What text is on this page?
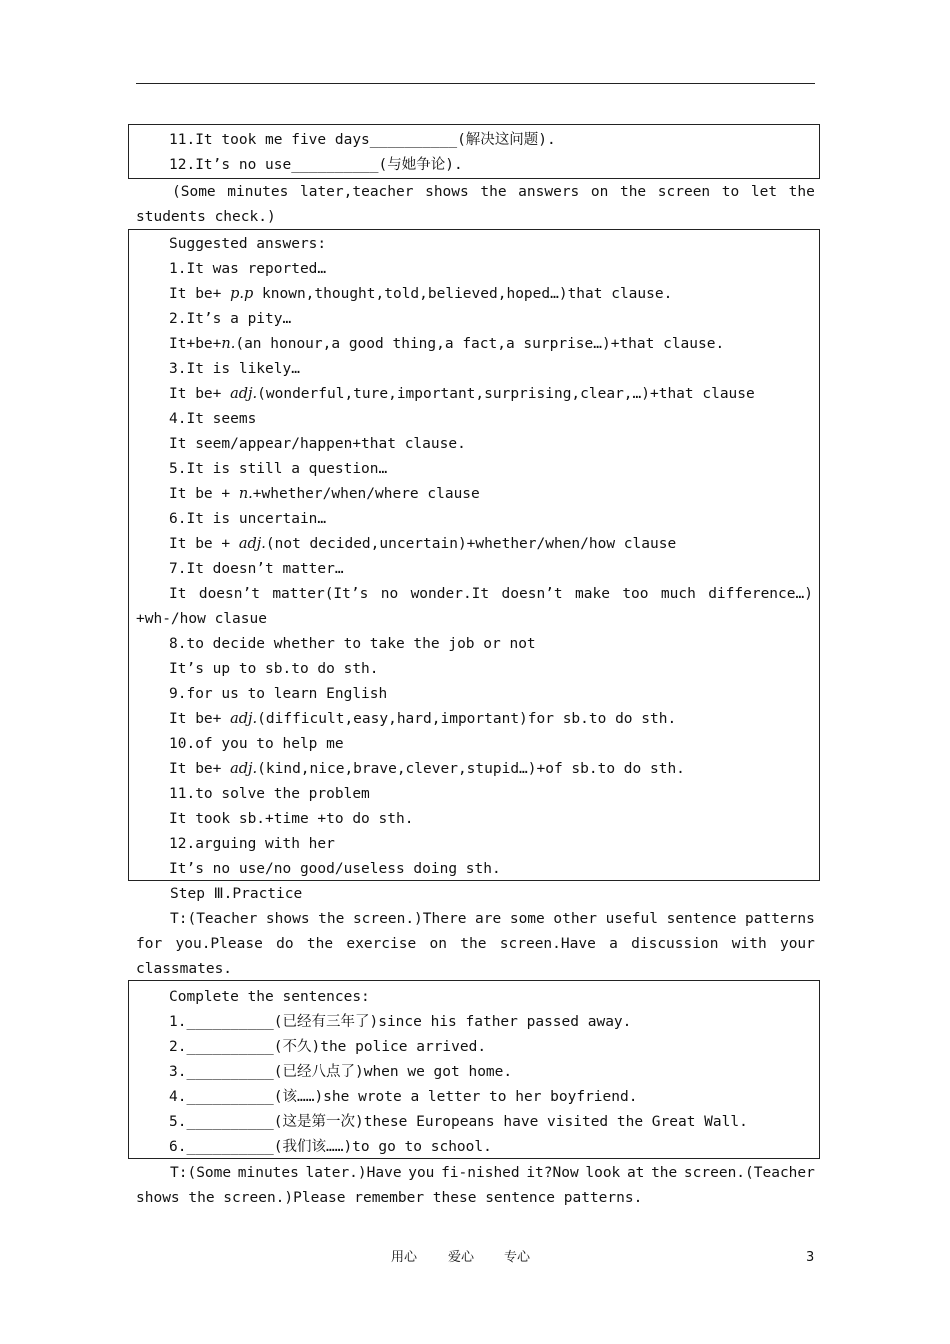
11.It took me five days__________(解决这问题).
12.It’s no use__________(与她争论).
(Some minutes later,teacher shows the answers on the screen to let the
students check.)
Suggested answers:
1.It was reported…
It be+ p.p known,thought,told,believed,hoped…)that clause.
2.It’s a pity…
It+be+n.(an honour,a good thing,a fact,a surprise…)+that clause.
3.It is likely…
It be+ adj.(wonderful,ture,important,surprising,clear,…)+that clause
4.It seems
It seem/appear/happen+that clause.
5.It is still a question…
It be + n.+whether/when/where clause
6.It is uncertain…
It be + adj.(not decided,uncertain)+whether/when/how clause
7.It doesn’t matter…
It doesn’t matter(It’s no wonder.It doesn’t make too much difference…)
+wh-/how clasue
8.to decide whether to take the job or not
It’s up to sb.to do sth.
9.for us to learn English
It be+ adj.(difficult,easy,hard,important)for sb.to do sth.
10.of you to help me
It be+ adj.(kind,nice,brave,clever,stupid…)+of sb.to do sth.
11.to solve the problem
It took sb.+time +to do sth.
12.arguing with her
It’s no use/no good/useless doing sth.
Step Ⅲ.Practice
T:(Teacher shows the screen.)There are some other useful sentence patterns
for you.Please do the exercise on the screen.Have a discussion with your
classmates.
Complete the sentences:
1.__________(已经有三年了)since his father passed away.
2.__________(不久)the police arrived.
3.__________(已经八点了)when we got home.
4.__________(该……)she wrote a letter to her boyfriend.
5.__________(这是第一次)these Europeans have visited the Great Wall.
6.__________(我们该……)to go to school.
T:(Some minutes later.)Have you fi-nished it?Now look at the screen.(Teacher
shows the screen.)Please remember these sentence patterns.
用心 爱心 专心	3
